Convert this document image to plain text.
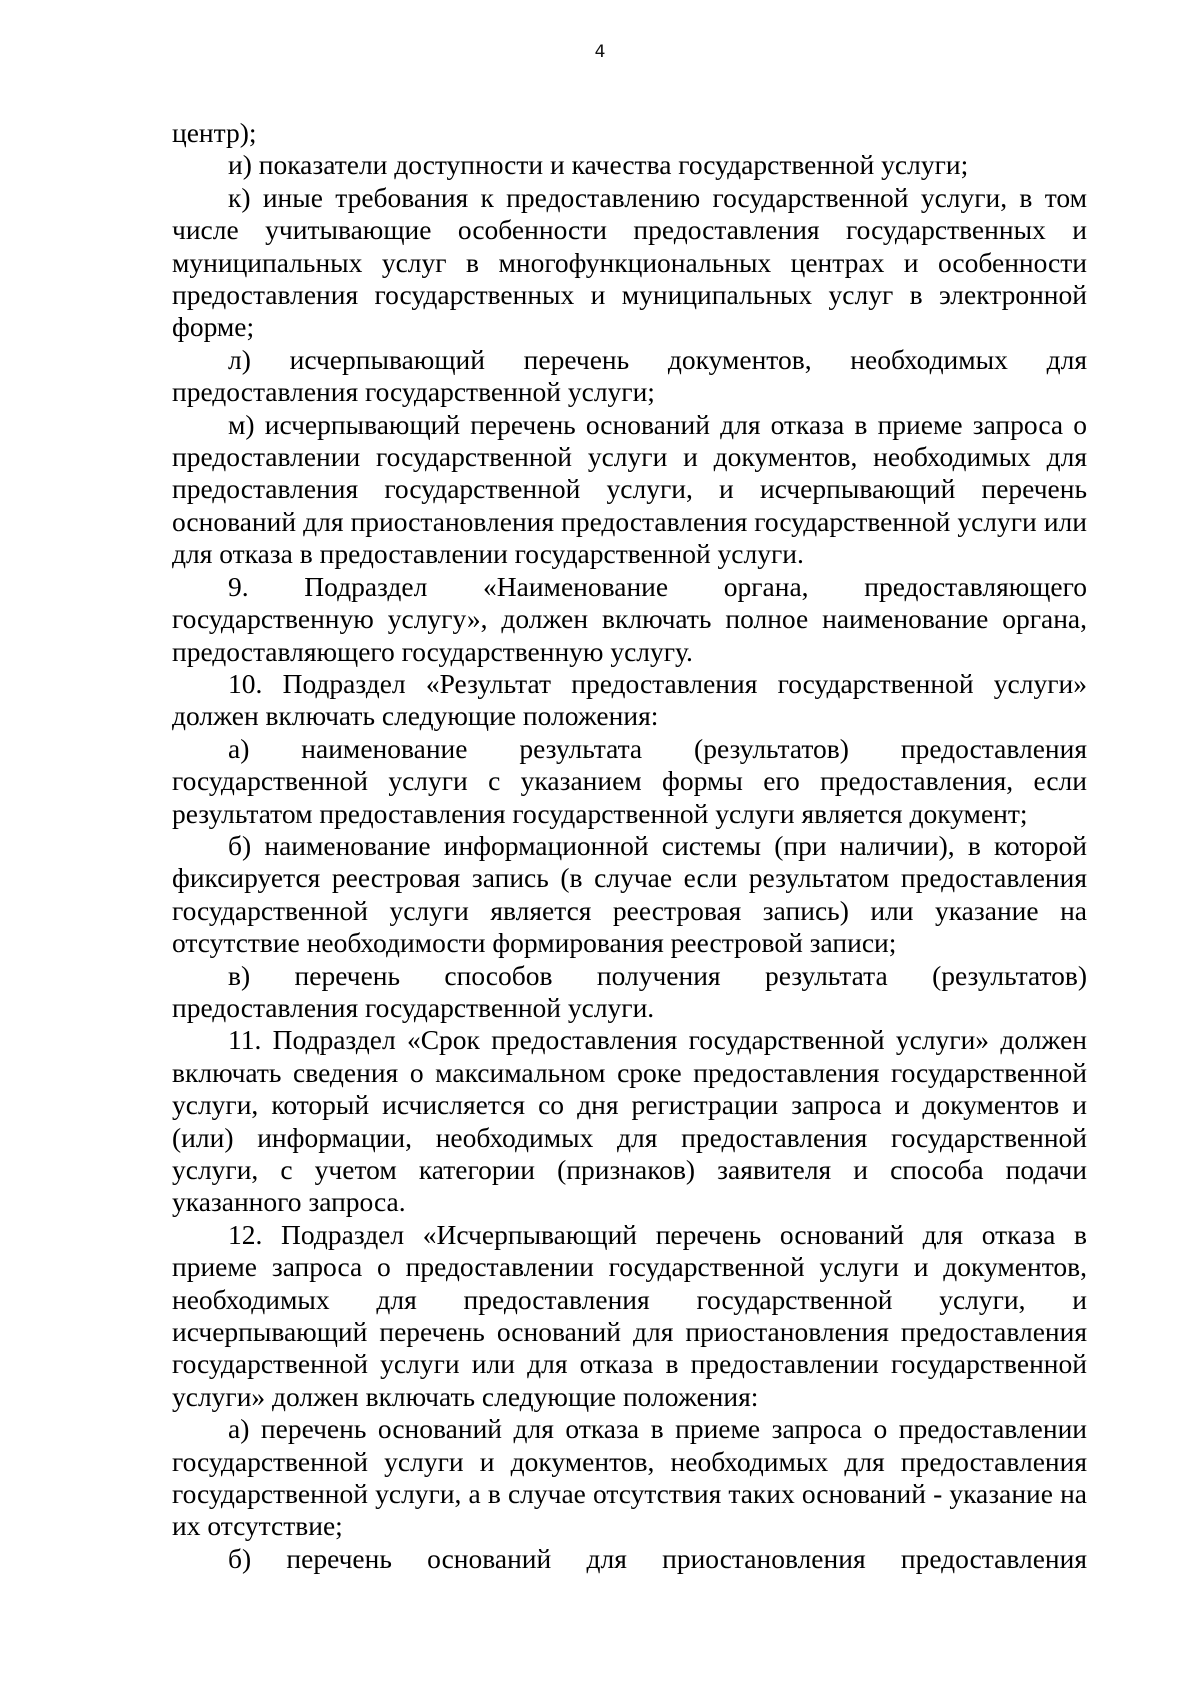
4

центр);

и) показатели доступности и качества государственной услуги;

к) иные требования к предоставлению государственной услуги, в том числе учитывающие особенности предоставления государственных и муниципальных услуг в многофункциональных центрах и особенности предоставления государственных и муниципальных услуг в электронной форме;

л) исчерпывающий перечень документов, необходимых для предоставления государственной услуги;

м) исчерпывающий перечень оснований для отказа в приеме запроса о предоставлении государственной услуги и документов, необходимых для предоставления государственной услуги, и исчерпывающий перечень оснований для приостановления предоставления государственной услуги или для отказа в предоставлении государственной услуги.

9. Подраздел «Наименование органа, предоставляющего государственную услугу», должен включать полное наименование органа, предоставляющего государственную услугу.

10. Подраздел «Результат предоставления государственной услуги» должен включать следующие положения:

а) наименование результата (результатов) предоставления государственной услуги с указанием формы его предоставления, если результатом предоставления государственной услуги является документ;

б) наименование информационной системы (при наличии), в которой фиксируется реестровая запись (в случае если результатом предоставления государственной услуги является реестровая запись) или указание на отсутствие необходимости формирования реестровой записи;

в) перечень способов получения результата (результатов) предоставления государственной услуги.

11. Подраздел «Срок предоставления государственной услуги» должен включать сведения о максимальном сроке предоставления государственной услуги, который исчисляется со дня регистрации запроса и документов и (или) информации, необходимых для предоставления государственной услуги, с учетом категории (признаков) заявителя и способа подачи указанного запроса.

12. Подраздел «Исчерпывающий перечень оснований для отказа в приеме запроса о предоставлении государственной услуги и документов, необходимых для предоставления государственной услуги, и исчерпывающий перечень оснований для приостановления предоставления государственной услуги или для отказа в предоставлении государственной услуги» должен включать следующие положения:

а) перечень оснований для отказа в приеме запроса о предоставлении государственной услуги и документов, необходимых для предоставления государственной услуги, а в случае отсутствия таких оснований - указание на их отсутствие;

б) перечень оснований для приостановления предоставления
